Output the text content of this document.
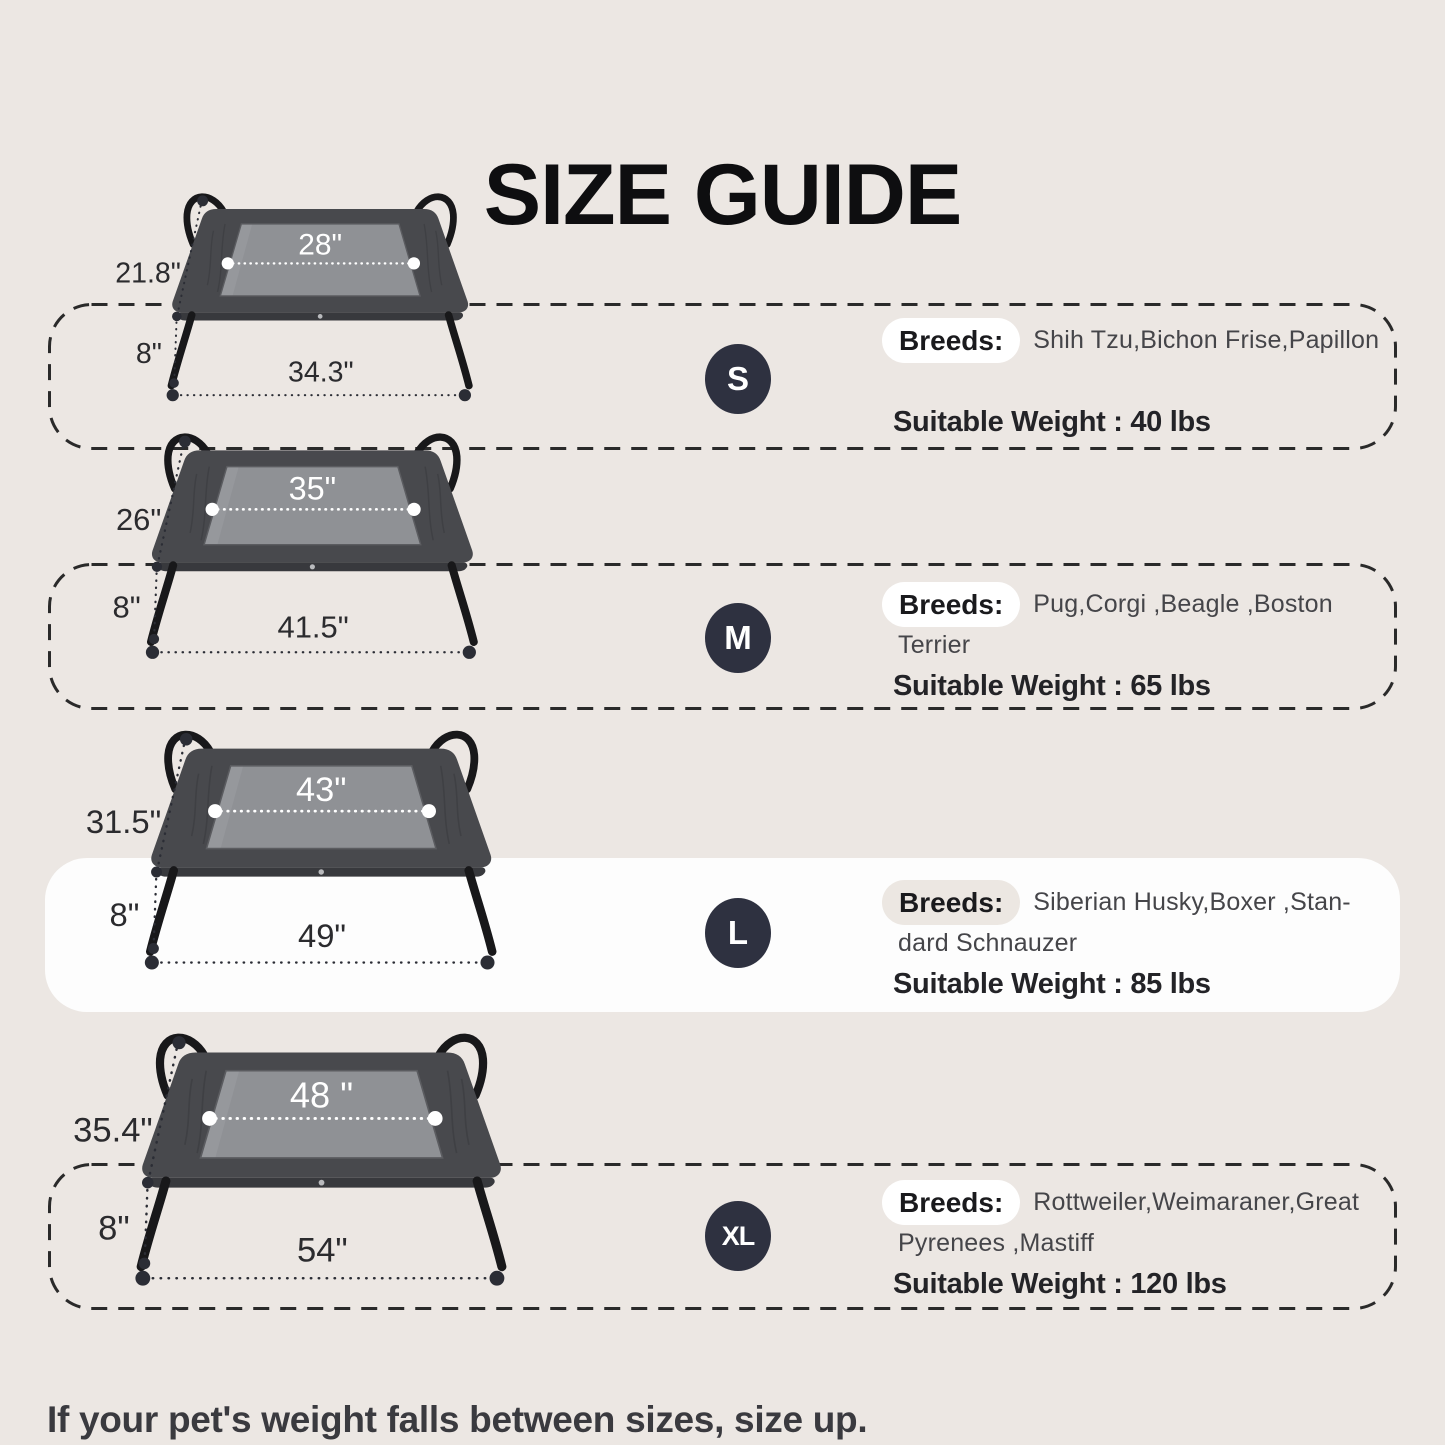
SIZE GUIDE
28"
21.8"
8"
34.3"	S
Breeds:	Shih Tzu,Bichon Frise,Papillon
Suitable Weight : 40 lbs
35"
26"
8"
41.5"	M
Breeds:	Pug,Corgi ,Beagle ,Boston
Terrier
Suitable Weight : 65 lbs
43"
31.5"
8"
49"	L
Breeds:	Siberian Husky,Boxer ,Stan-
dard Schnauzer
Suitable Weight : 85 lbs
48 "
35.4"
8"
54"	XL
Breeds:	Rottweiler,Weimaraner,Great
Pyrenees ,Mastiff
Suitable Weight : 120 lbs

If your pet's weight falls between sizes, size up.
